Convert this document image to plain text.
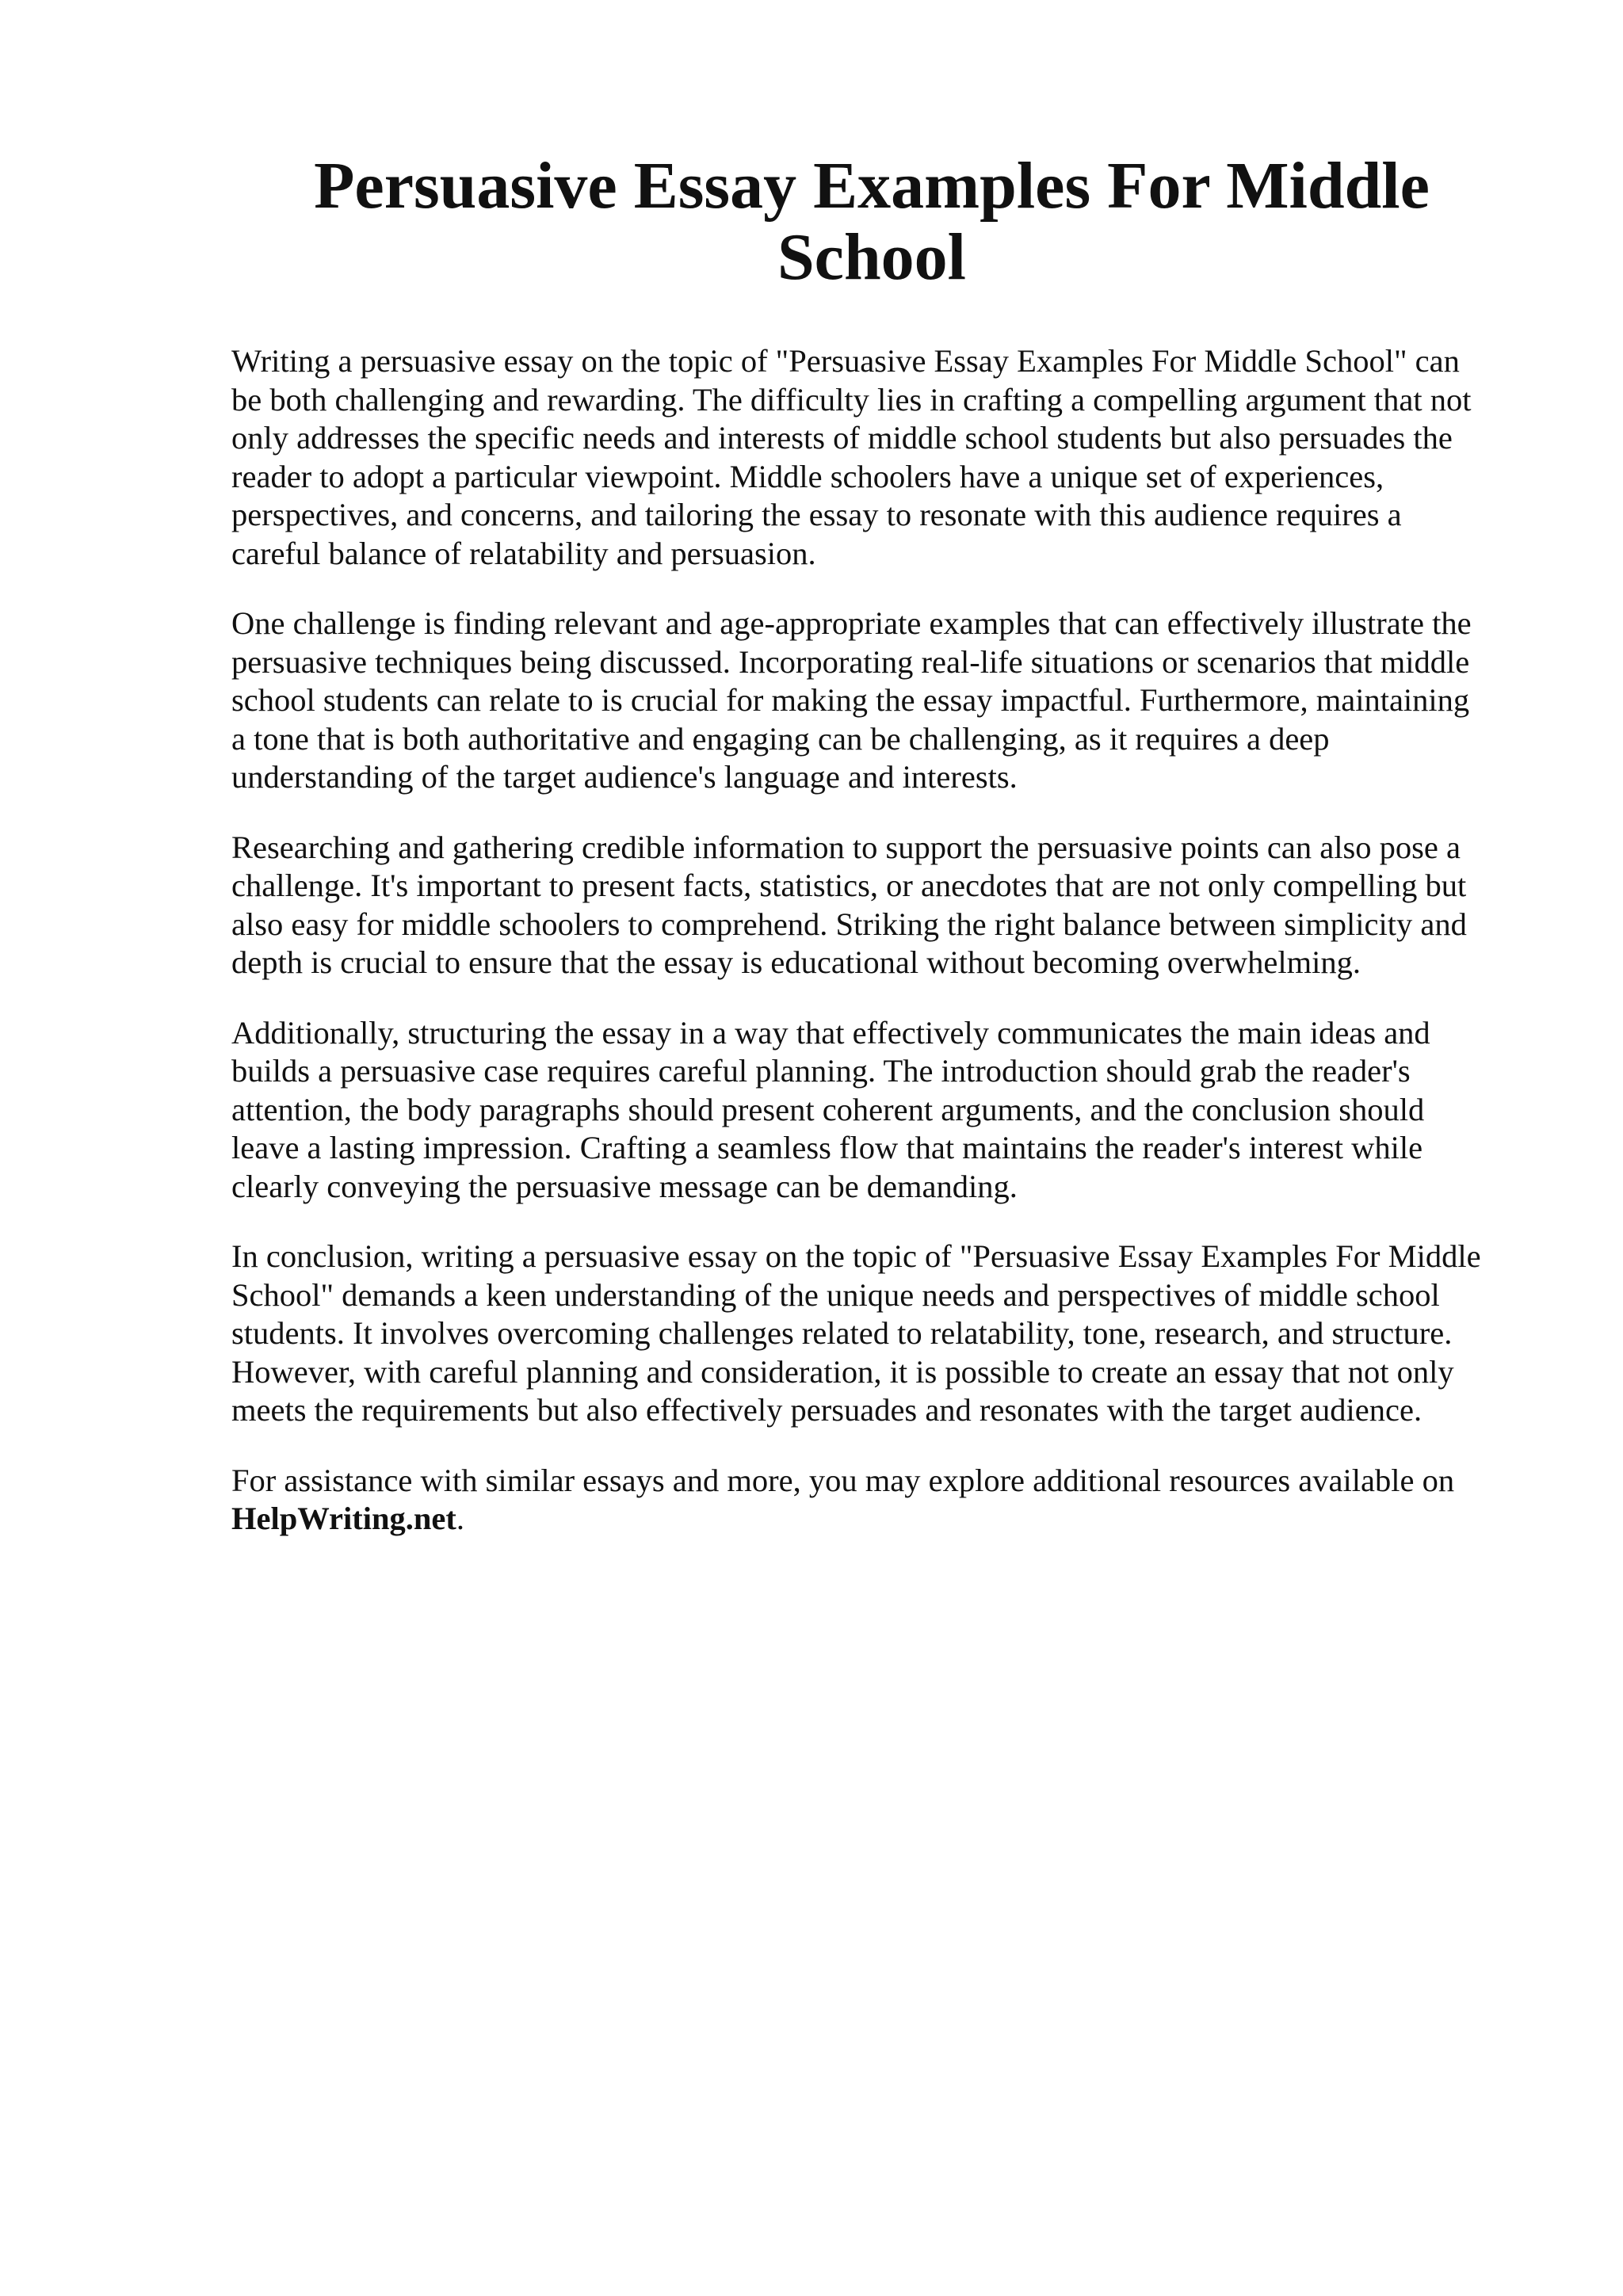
Persuasive Essay Examples For Middle
School

Writing a persuasive essay on the topic of "Persuasive Essay Examples For Middle School" can
be both challenging and rewarding. The difficulty lies in crafting a compelling argument that not
only addresses the specific needs and interests of middle school students but also persuades the
reader to adopt a particular viewpoint. Middle schoolers have a unique set of experiences,
perspectives, and concerns, and tailoring the essay to resonate with this audience requires a
careful balance of relatability and persuasion.

One challenge is finding relevant and age-appropriate examples that can effectively illustrate the
persuasive techniques being discussed. Incorporating real-life situations or scenarios that middle
school students can relate to is crucial for making the essay impactful. Furthermore, maintaining
a tone that is both authoritative and engaging can be challenging, as it requires a deep
understanding of the target audience's language and interests.

Researching and gathering credible information to support the persuasive points can also pose a
challenge. It's important to present facts, statistics, or anecdotes that are not only compelling but
also easy for middle schoolers to comprehend. Striking the right balance between simplicity and
depth is crucial to ensure that the essay is educational without becoming overwhelming.

Additionally, structuring the essay in a way that effectively communicates the main ideas and
builds a persuasive case requires careful planning. The introduction should grab the reader's
attention, the body paragraphs should present coherent arguments, and the conclusion should
leave a lasting impression. Crafting a seamless flow that maintains the reader's interest while
clearly conveying the persuasive message can be demanding.

In conclusion, writing a persuasive essay on the topic of "Persuasive Essay Examples For Middle
School" demands a keen understanding of the unique needs and perspectives of middle school
students. It involves overcoming challenges related to relatability, tone, research, and structure.
However, with careful planning and consideration, it is possible to create an essay that not only
meets the requirements but also effectively persuades and resonates with the target audience.

For assistance with similar essays and more, you may explore additional resources available on
HelpWriting.net.
